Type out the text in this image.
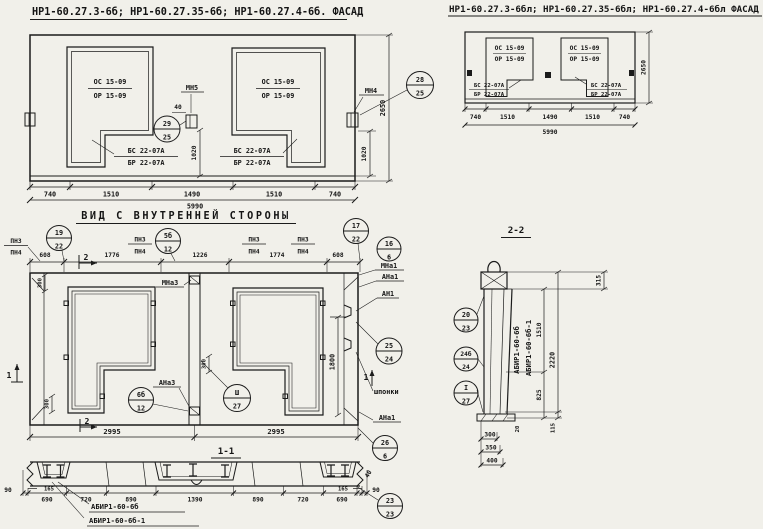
НР1-60.27.3-6б; НР1-60.27.35-6б; НР1-60.27.4-6б. ФАСАД
ОС 15-09
ОР 15-09
БС 22-07А
БР 22-07А
ОС 15-09
ОР 15-09
БС 22-07А
БР 22-07А
МН5
40
29
25
МН4
28
25
1020	1020
2650
740	1510	1490	1510	740
5990
НР1-60.27.3-6бл; НР1-60.27.35-6бл; НР1-60.27.4-6бл ФАСАД
ОС 15-09
ОР 15-09
БС 22-07А
БР 22-07А
ОС 15-09
ОР 15-09
БС 22-07А
БР 22-07А
740	1510	1490	1510	740
5990
2650
ВИД С ВНУТРЕННЕЙ СТОРОНЫ
ПН3
ПН4	608	1776	1226	1774	608
2
ПН3
ПН4
ПН3
ПН4
ПН3
ПН4
19
22
5б
12
17
22
16
6
МНа1
МНа3
АНа3
6б
12
Ш
27
300
300
300	1800
АНа1
АН1
25
24
1
шпонки
АНа1
26
6
1
2
2995	2995
1-1
90	165
690	720	890	1390	890	720	690
165	90
40
АБИР1-60-6б
АБИР1-60-6б-1
23
23
2-2
АБИР1-60-6б АБИР1-60-6б-1
315
1510
825
2220
115
20
300
350
400
20
23
24б
24
I
27
